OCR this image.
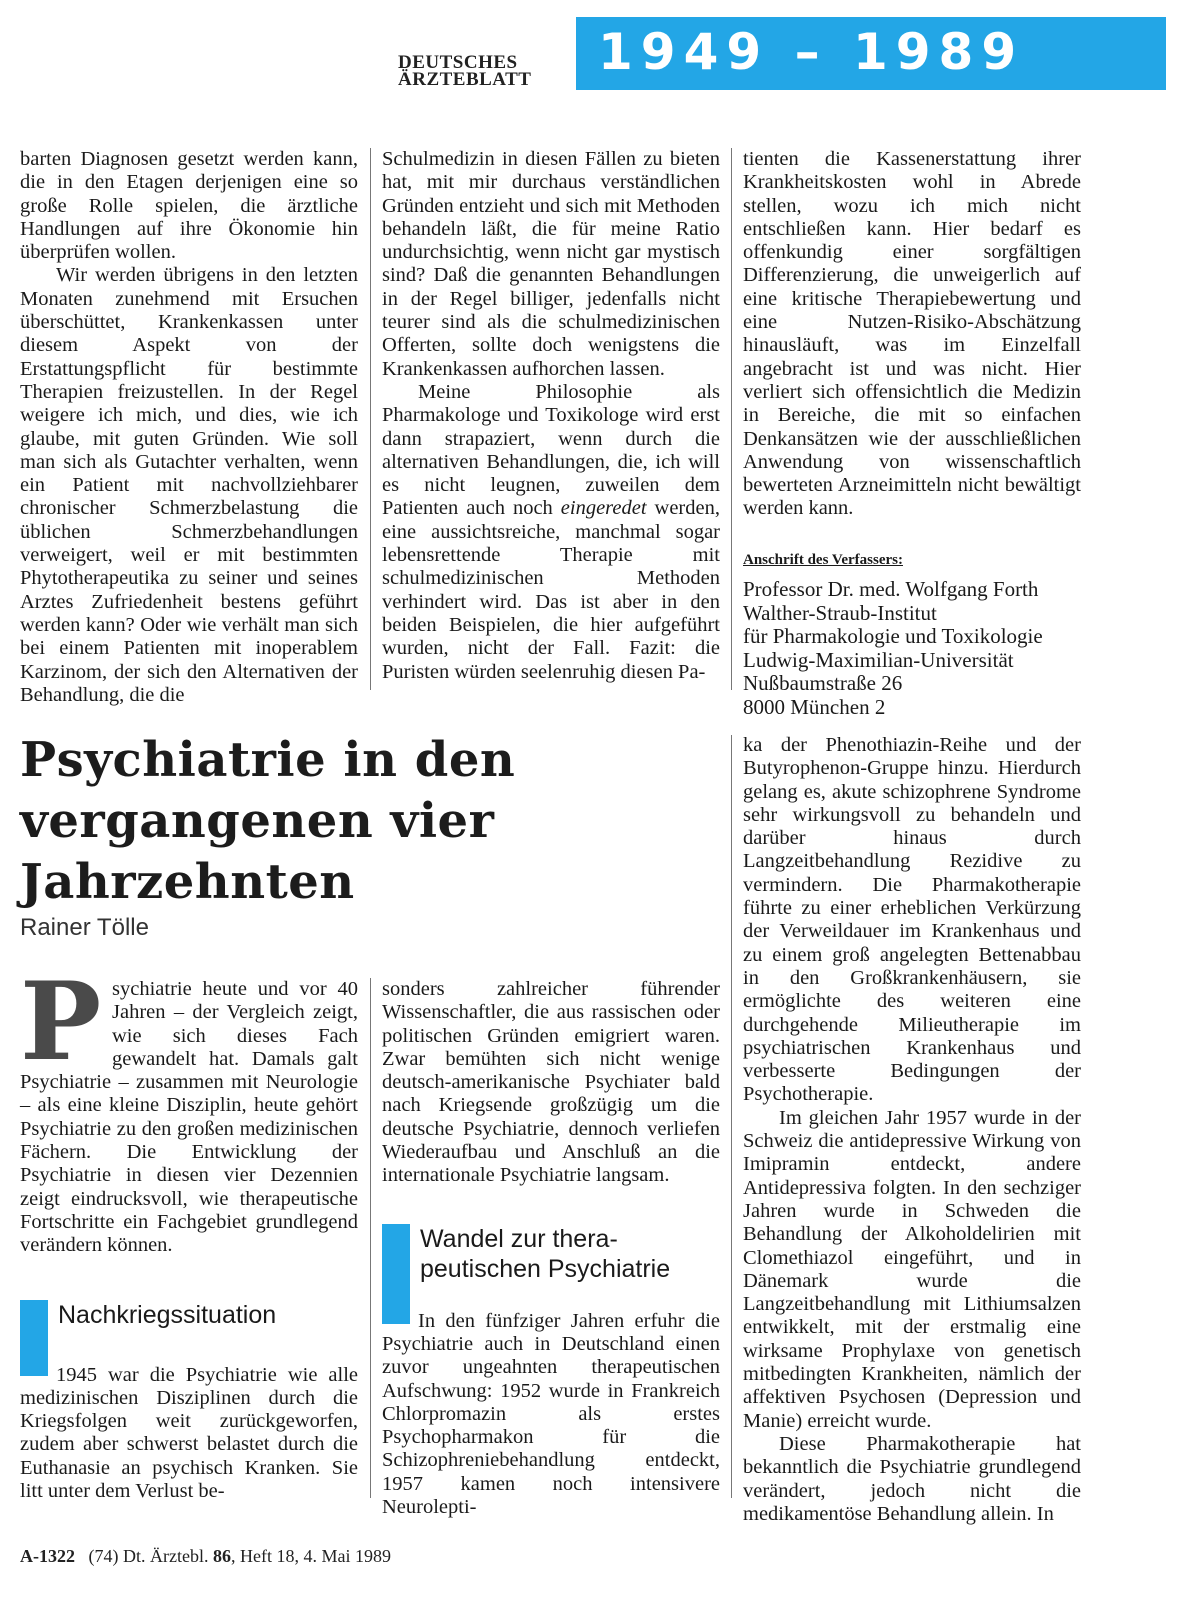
DEUTSCHES
ÄRZTEBLATT	1949 – 1989

barten Diagnosen gesetzt werden kann, die in den Etagen derjenigen eine so große Rolle spielen, die ärztliche Handlungen auf ihre Ökonomie hin überprüfen wollen.

Wir werden übrigens in den letzten Monaten zunehmend mit Ersuchen überschüttet, Krankenkassen unter diesem Aspekt von der Erstattungspflicht für bestimmte Therapien freizustellen. In der Regel weigere ich mich, und dies, wie ich glaube, mit guten Gründen. Wie soll man sich als Gutachter verhalten, wenn ein Patient mit nachvollziehbarer chronischer Schmerzbelastung die üblichen Schmerzbehandlungen verweigert, weil er mit bestimmten Phytotherapeutika zu seiner und seines Arztes Zufriedenheit bestens geführt werden kann? Oder wie verhält man sich bei einem Patienten mit inoperablem Karzinom, der sich den Alternativen der Behandlung, die die

Schulmedizin in diesen Fällen zu bieten hat, mit mir durchaus verständlichen Gründen entzieht und sich mit Methoden behandeln läßt, die für meine Ratio undurchsichtig, wenn nicht gar mystisch sind? Daß die genannten Behandlungen in der Regel billiger, jedenfalls nicht teurer sind als die schulmedizinischen Offerten, sollte doch wenigstens die Krankenkassen aufhorchen lassen.

Meine Philosophie als Pharmakologe und Toxikologe wird erst dann strapaziert, wenn durch die alternativen Behandlungen, die, ich will es nicht leugnen, zuweilen dem Patienten auch noch eingeredet werden, eine aussichtsreiche, manchmal sogar lebensrettende Therapie mit schulmedizinischen Methoden verhindert wird. Das ist aber in den beiden Beispielen, die hier aufgeführt wurden, nicht der Fall. Fazit: die Puristen würden seelenruhig diesen Pa-

tienten die Kassenerstattung ihrer Krankheitskosten wohl in Abrede stellen, wozu ich mich nicht entschließen kann. Hier bedarf es offenkundig einer sorgfältigen Differenzierung, die unweigerlich auf eine kritische Therapiebewertung und eine Nutzen-Risiko-Abschätzung hinausläuft, was im Einzelfall angebracht ist und was nicht. Hier verliert sich offensichtlich die Medizin in Bereiche, die mit so einfachen Denkansätzen wie der ausschließlichen Anwendung von wissenschaftlich bewerteten Arzneimitteln nicht bewältigt werden kann.

Anschrift des Verfassers:
Professor Dr. med. Wolfgang Forth
Walther-Straub-Institut
für Pharmakologie und Toxikologie
Ludwig-Maximilian-Universität
Nußbaumstraße 26
8000 München 2
Psychiatrie in den vergangenen vier Jahrzehnten
Rainer Tölle

Psychiatrie heute und vor 40 Jahren – der Vergleich zeigt, wie sich dieses Fach gewandelt hat. Damals galt Psychiatrie – zusammen mit Neurologie – als eine kleine Disziplin, heute gehört Psychiatrie zu den großen medizinischen Fächern. Die Entwicklung der Psychiatrie in diesen vier Dezennien zeigt eindrucksvoll, wie therapeutische Fortschritte ein Fachgebiet grundlegend verändern können.

Nachkriegssituation

1945 war die Psychiatrie wie alle medizinischen Disziplinen durch die Kriegsfolgen weit zurückgeworfen, zudem aber schwerst belastet durch die Euthanasie an psychisch Kranken. Sie litt unter dem Verlust be-

sonders zahlreicher führender Wissenschaftler, die aus rassischen oder politischen Gründen emigriert waren. Zwar bemühten sich nicht wenige deutsch-amerikanische Psychiater bald nach Kriegsende großzügig um die deutsche Psychiatrie, dennoch verliefen Wiederaufbau und Anschluß an die internationale Psychiatrie langsam.

Wandel zur thera-
peutischen Psychiatrie

In den fünfziger Jahren erfuhr die Psychiatrie auch in Deutschland einen zuvor ungeahnten therapeutischen Aufschwung: 1952 wurde in Frankreich Chlorpromazin als erstes Psychopharmakon für die Schizophreniebehandlung entdeckt, 1957 kamen noch intensivere Neurolepti-

ka der Phenothiazin-Reihe und der Butyrophenon-Gruppe hinzu. Hierdurch gelang es, akute schizophrene Syndrome sehr wirkungsvoll zu behandeln und darüber hinaus durch Langzeitbehandlung Rezidive zu vermindern. Die Pharmakotherapie führte zu einer erheblichen Verkürzung der Verweildauer im Krankenhaus und zu einem groß angelegten Bettenabbau in den Großkrankenhäusern, sie ermöglichte des weiteren eine durchgehende Milieutherapie im psychiatrischen Krankenhaus und verbesserte Bedingungen der Psychotherapie.

Im gleichen Jahr 1957 wurde in der Schweiz die antidepressive Wirkung von Imipramin entdeckt, andere Antidepressiva folgten. In den sechziger Jahren wurde in Schweden die Behandlung der Alkoholdelirien mit Clomethiazol eingeführt, und in Dänemark wurde die Langzeitbehandlung mit Lithiumsalzen entwikkelt, mit der erstmalig eine wirksame Prophylaxe von genetisch mitbedingten Krankheiten, nämlich der affektiven Psychosen (Depression und Manie) erreicht wurde.

Diese Pharmakotherapie hat bekanntlich die Psychiatrie grundlegend verändert, jedoch nicht die medikamentöse Behandlung allein. In

A-1322 (74) Dt. Ärztebl. 86, Heft 18, 4. Mai 1989
